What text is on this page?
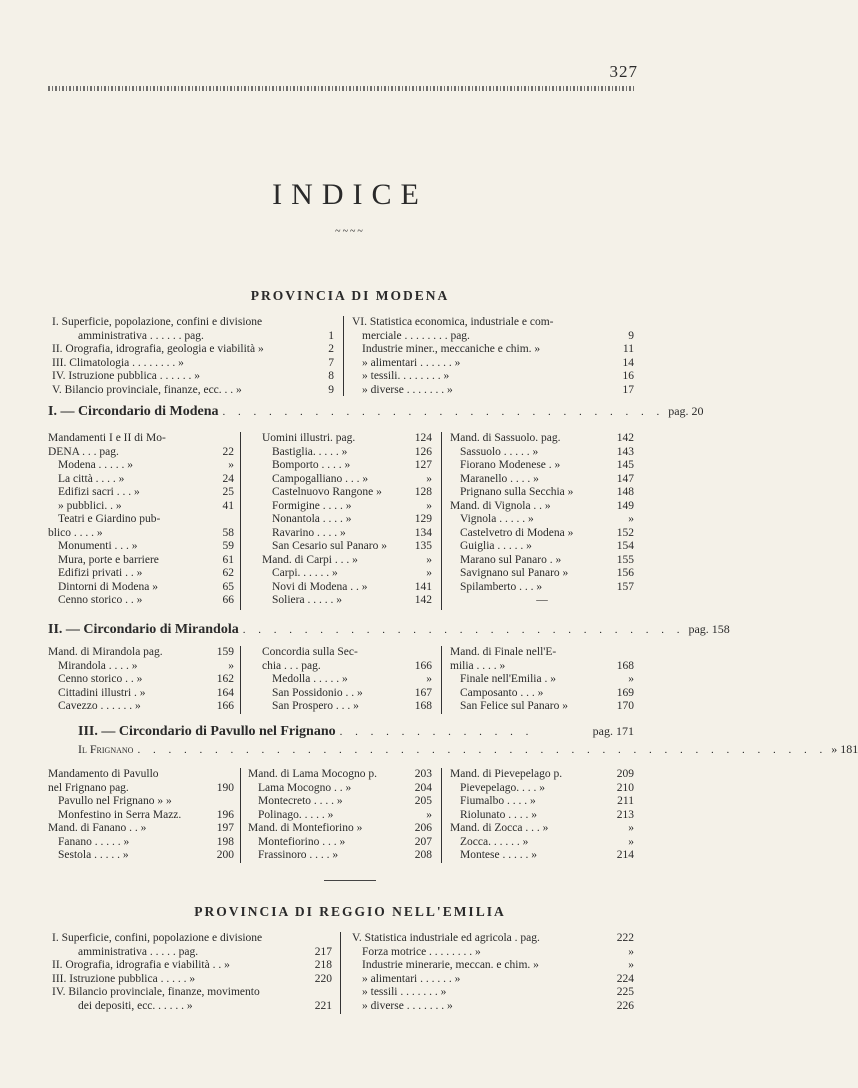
327
INDICE
~~~~
PROVINCIA DI MODENA
I. Superficie, popolazione, confini e divisione
amministrativa . . . . . . pag.	1
II. Orografia, idrografia, geologia e viabilità »	2
III. Climatologia . . . . . . . . »	7
IV. Istruzione pubblica . . . . . . »	8
V. Bilancio provinciale, finanze, ecc. . . »	9
VI. Statistica economica, industriale e com-
merciale . . . . . . . . pag.	9
Industrie miner., meccaniche e chim. »	11
» alimentari . . . . . . »	14
» tessili. . . . . . . . »	16
» diverse . . . . . . . »	17
I. — Circondario di Modena . . . . . . . . . . . . . . . . . . . . . . . . . . . . . pag. 20
Mandamenti I e II di Mo-
DENA . . . pag.	22
Modena . . . . . »	»
La città . . . . »	24
Edifizi sacri . . . »	25
» pubblici. . »	41
Teatri e Giardino pub-
blico . . . . »	58
Monumenti . . . »	59
Mura, porte e barriere	61
Edifizi privati . . »	62
Dintorni di Modena »	65
Cenno storico . . »	66
Uomini illustri. pag.	124
Bastiglia. . . . . »	126
Bomporto . . . . »	127
Campogalliano . . . »	»
Castelnuovo Rangone »	128
Formigine . . . . »	»
Nonantola . . . . »	129
Ravarino . . . . »	134
San Cesario sul Panaro » 135
Mand. di Carpi . . . »	»
Carpi. . . . . . »	»
Novi di Modena . . »	141
Soliera . . . . . »	142
Mand. di Sassuolo. pag.	142
Sassuolo . . . . . »	143
Fiorano Modenese . »	145
Maranello . . . . »	147
Prignano sulla Secchia »	148
Mand. di Vignola . . »	149
Vignola . . . . . »	»
Castelvetro di Modena »	152
Guiglia . . . . . »	154
Marano sul Panaro . »	155
Savignano sul Panaro »	156
Spilamberto . . . »	157
—
II. — Circondario di Mirandola . . . . . . . . . . . . . . . . . . . . . . . . . . . . . pag. 158
Mand. di Mirandola pag.	159
Mirandola . . . . »	»
Cenno storico . . »	162
Cittadini illustri . »	164
Cavezzo . . . . . . »	166
Concordia sulla Sec-
chia . . . pag.	166
Medolla . . . . . »	»
San Possidonio . . »	167
San Prospero . . . »	168
Mand. di Finale nell'E-
milia . . . . »	168
Finale nell'Emilia . »	»
Camposanto . . . »	169
San Felice sul Panaro »	170
III. — Circondario di Pavullo nel Frignano . . . . . . . . . . . . .	pag. 171
Il Frignano . . . . . . . . . . . . . . . . . . . . . . . . . . . . . . . . . . . . . . . . . . . . . » 181
Mandamento di Pavullo
nel Frignano pag.	190
Pavullo nel Frignano » »
Monfestino in Serra Mazz.	196
Mand. di Fanano . . »	197
Fanano . . . . . »	198
Sestola . . . . . »	200
Mand. di Lama Mocogno p.	203
Lama Mocogno . . »	204
Montecreto . . . . »	205
Polinago. . . . . »	»
Mand. di Montefiorino »	206
Montefiorino . . . »	207
Frassinoro . . . . »	208
Mand. di Pievepelago p.	209
Pievepelago. . . . »	210
Fiumalbo . . . . »	211
Riolunato . . . . »	213
Mand. di Zocca . . . »	»
Zocca. . . . . . »	»
Montese . . . . . »	214
PROVINCIA DI REGGIO NELL'EMILIA
I. Superficie, confini, popolazione e divisione
amministrativa . . . . . pag.	217
II. Orografia, idrografia e viabilità . . »	218
III. Istruzione pubblica . . . . . »	220
IV. Bilancio provinciale, finanze, movimento
dei depositi, ecc. . . . . . »	221
V. Statistica industriale ed agricola . pag.	222
Forza motrice . . . . . . . . »	»
Industrie minerarie, meccan. e chim. »	»
» alimentari . . . . . . »	224
» tessili . . . . . . . »	225
» diverse . . . . . . . »	226
